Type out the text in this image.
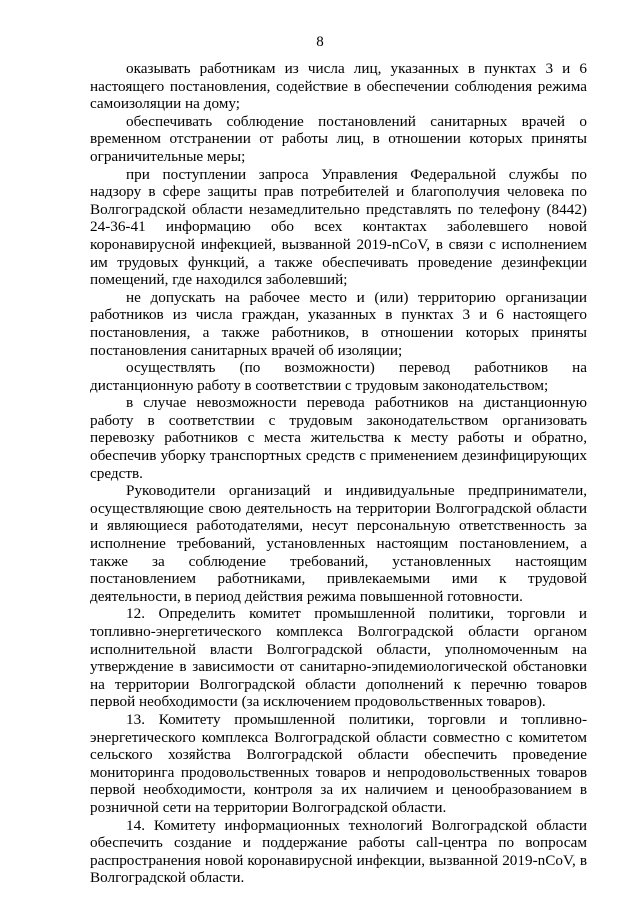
8

оказывать работникам из числа лиц, указанных в пунктах 3 и 6 настоящего постановления, содействие в обеспечении соблюдения режима самоизоляции на дому;

обеспечивать соблюдение постановлений санитарных врачей о временном отстранении от работы лиц, в отношении которых приняты ограничительные меры;

при поступлении запроса Управления Федеральной службы по надзору в сфере защиты прав потребителей и благополучия человека по Волгоградской области незамедлительно представлять по телефону (8442) 24-36-41 информацию обо всех контактах заболевшего новой коронавирусной инфекцией, вызванной 2019-nCoV, в связи с исполнением им трудовых функций, а также обеспечивать проведение дезинфекции помещений, где находился заболевший;

не допускать на рабочее место и (или) территорию организации работников из числа граждан, указанных в пунктах 3 и 6 настоящего постановления, а также работников, в отношении которых приняты постановления санитарных врачей об изоляции;

осуществлять (по возможности) перевод работников на дистанционную работу в соответствии с трудовым законодательством;

в случае невозможности перевода работников на дистанционную работу в соответствии с трудовым законодательством организовать перевозку работников с места жительства к месту работы и обратно, обеспечив уборку транспортных средств с применением дезинфицирующих средств.

Руководители организаций и индивидуальные предприниматели, осуществляющие свою деятельность на территории Волгоградской области и являющиеся работодателями, несут персональную ответственность за исполнение требований, установленных настоящим постановлением, а также за соблюдение требований, установленных настоящим постановлением работниками, привлекаемыми ими к трудовой деятельности, в период действия режима повышенной готовности.

12. Определить комитет промышленной политики, торговли и топливно-энергетического комплекса Волгоградской области органом исполнительной власти Волгоградской области, уполномоченным на утверждение в зависимости от санитарно-эпидемиологической обстановки на территории Волгоградской области дополнений к перечню товаров первой необходимости (за исключением продовольственных товаров).

13. Комитету промышленной политики, торговли и топливно-энергетического комплекса Волгоградской области совместно с комитетом сельского хозяйства Волгоградской области обеспечить проведение мониторинга продовольственных товаров и непродовольственных товаров первой необходимости, контроля за их наличием и ценообразованием в розничной сети на территории Волгоградской области.

14. Комитету информационных технологий Волгоградской области обеспечить создание и поддержание работы call-центра по вопросам распространения новой коронавирусной инфекции, вызванной 2019-nCoV, в Волгоградской области.
